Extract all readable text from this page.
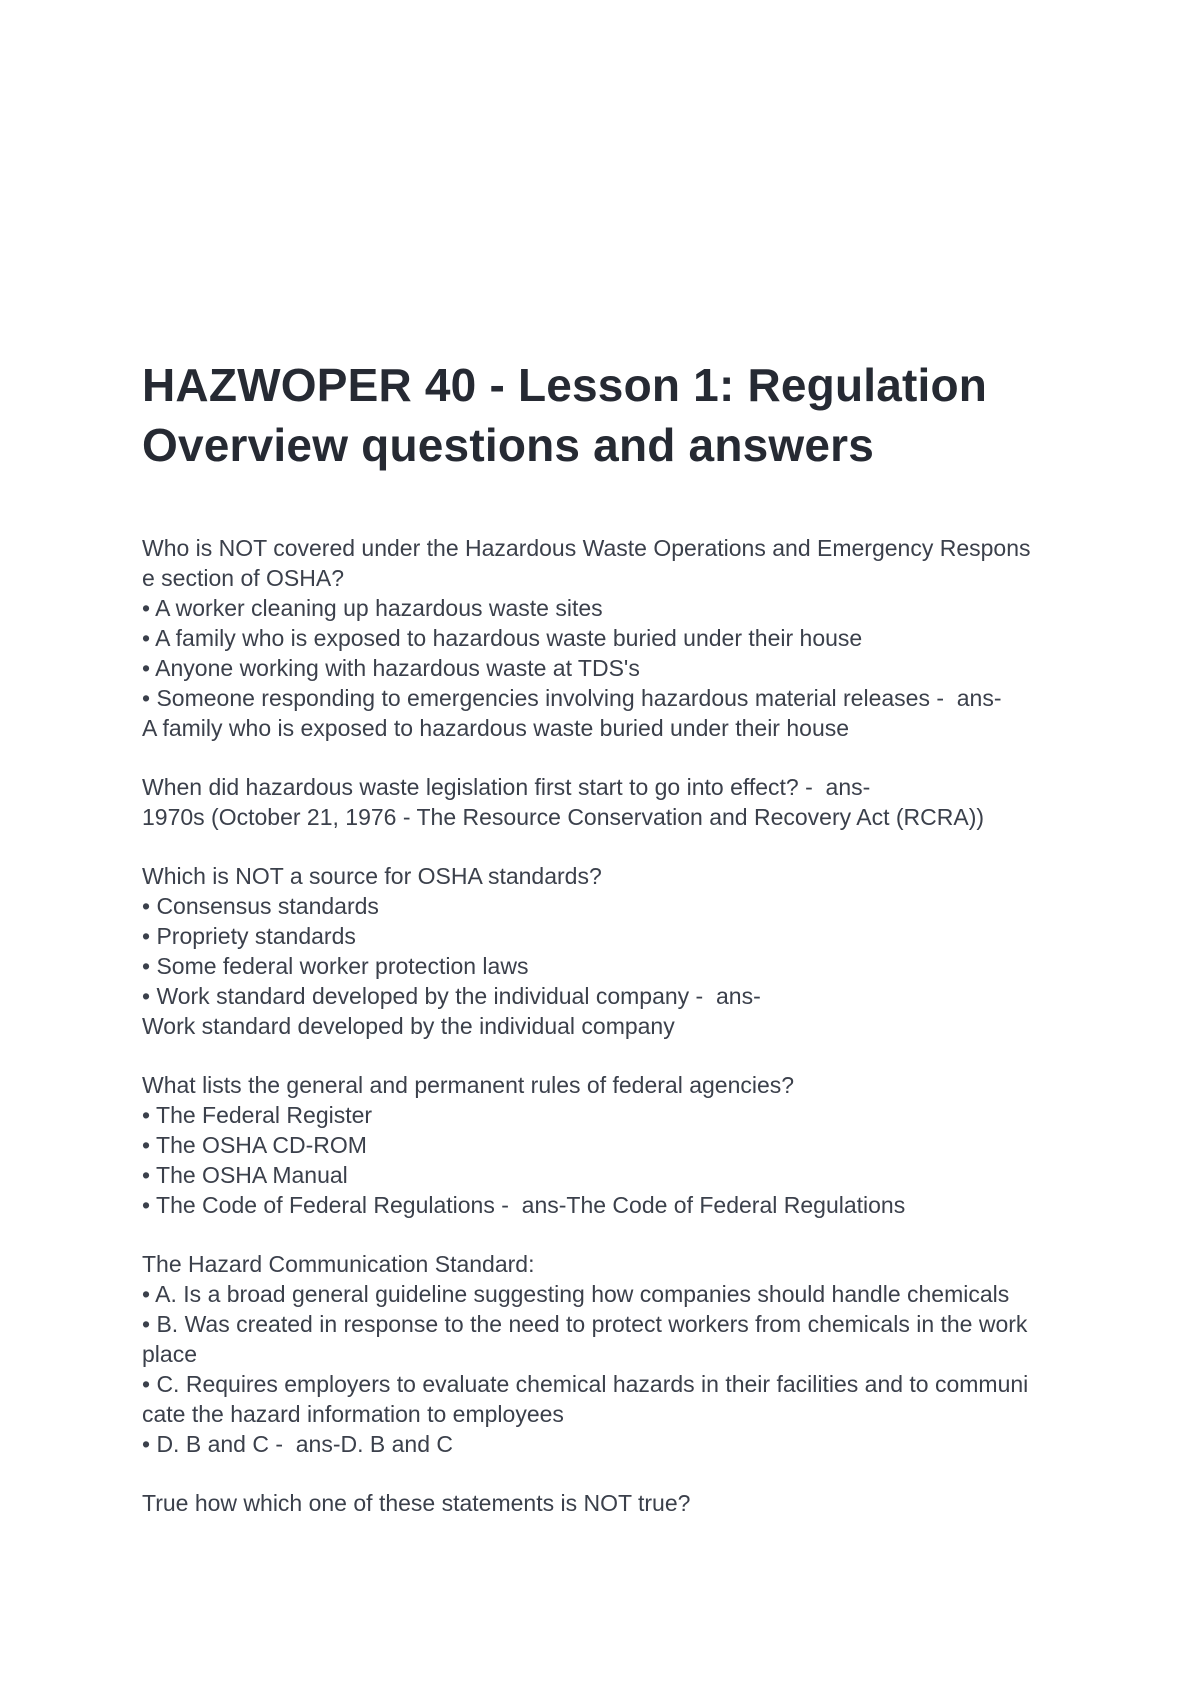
HAZWOPER 40 - Lesson 1: Regulation Overview questions and answers
Who is NOT covered under the Hazardous Waste Operations and Emergency Respons
e section of OSHA?
• A worker cleaning up hazardous waste sites
• A family who is exposed to hazardous waste buried under their house
• Anyone working with hazardous waste at TDS's
• Someone responding to emergencies involving hazardous material releases -  ans-
A family who is exposed to hazardous waste buried under their house
When did hazardous waste legislation first start to go into effect? -  ans-
1970s (October 21, 1976 - The Resource Conservation and Recovery Act (RCRA))
Which is NOT a source for OSHA standards?
• Consensus standards
• Propriety standards
• Some federal worker protection laws
• Work standard developed by the individual company -  ans-
Work standard developed by the individual company
What lists the general and permanent rules of federal agencies?
• The Federal Register
• The OSHA CD-ROM
• The OSHA Manual
• The Code of Federal Regulations -  ans-The Code of Federal Regulations
The Hazard Communication Standard:
• A. Is a broad general guideline suggesting how companies should handle chemicals
• B. Was created in response to the need to protect workers from chemicals in the work
place
• C. Requires employers to evaluate chemical hazards in their facilities and to communi
cate the hazard information to employees
• D. B and C -  ans-D. B and C
True how which one of these statements is NOT true?
